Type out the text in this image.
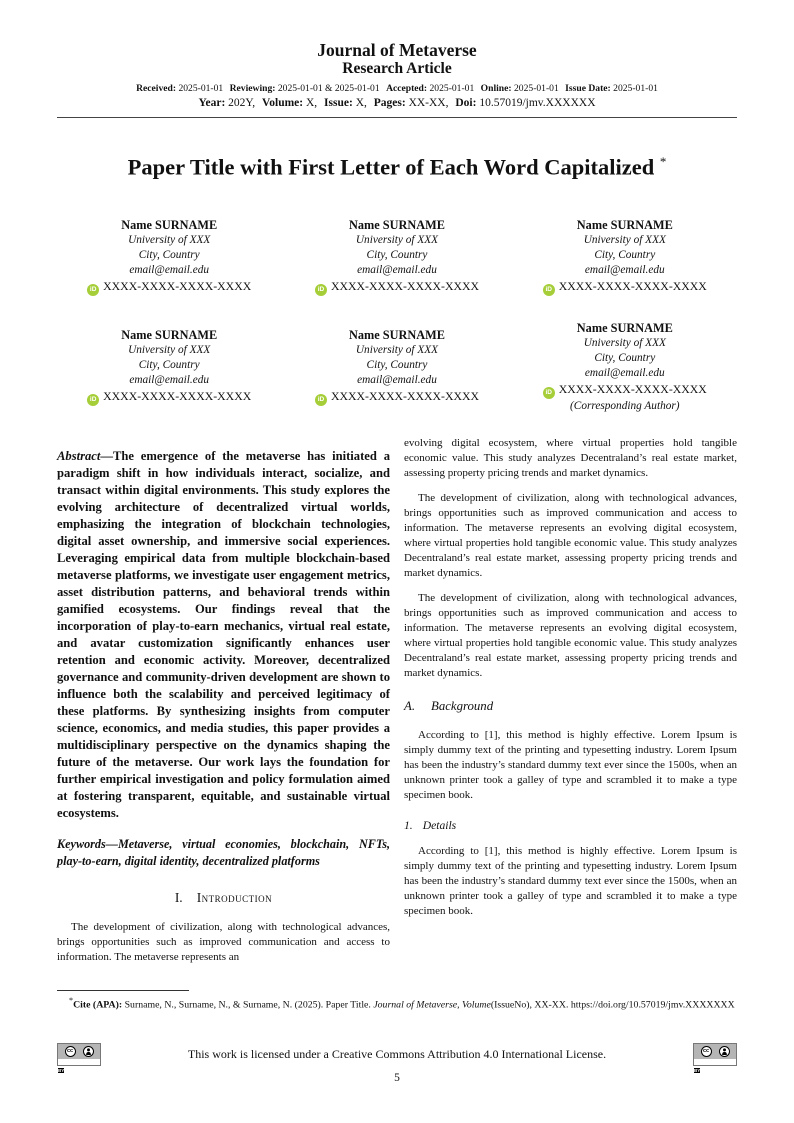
Journal of Metaverse
Research Article
Received: 2025-01-01 Reviewing: 2025-01-01 & 2025-01-01 Accepted: 2025-01-01 Online: 2025-01-01 Issue Date: 2025-01-01
Year: 202Y, Volume: X, Issue: X, Pages: XX-XX, Doi: 10.57019/jmv.XXXXXX
Paper Title with First Letter of Each Word Capitalized *
Name SURNAME
University of XXX
City, Country
email@email.edu
iD XXXX-XXXX-XXXX-XXXX
Name SURNAME
University of XXX
City, Country
email@email.edu
iD XXXX-XXXX-XXXX-XXXX
Name SURNAME
University of XXX
City, Country
email@email.edu
iD XXXX-XXXX-XXXX-XXXX
Name SURNAME
University of XXX
City, Country
email@email.edu
iD XXXX-XXXX-XXXX-XXXX
Name SURNAME
University of XXX
City, Country
email@email.edu
iD XXXX-XXXX-XXXX-XXXX
Name SURNAME
University of XXX
City, Country
email@email.edu
iD XXXX-XXXX-XXXX-XXXX
(Corresponding Author)

Abstract—The emergence of the metaverse has initiated a paradigm shift in how individuals interact, socialize, and transact within digital environments. This study explores the evolving architecture of decentralized virtual worlds, emphasizing the integration of blockchain technologies, digital asset ownership, and immersive social experiences. Leveraging empirical data from multiple blockchain-based metaverse platforms, we investigate user engagement metrics, asset distribution patterns, and behavioral trends within gamified ecosystems. Our findings reveal that the incorporation of play-to-earn mechanics, virtual real estate, and avatar customization significantly enhances user retention and economic activity. Moreover, decentralized governance and community-driven development are shown to influence both the scalability and perceived legitimacy of these platforms. By synthesizing insights from computer science, economics, and media studies, this paper provides a multidisciplinary perspective on the dynamics shaping the future of the metaverse. Our work lays the foundation for further empirical investigation and policy formulation aimed at fostering transparent, equitable, and sustainable virtual ecosystems.

Keywords—Metaverse, virtual economies, blockchain, NFTs, play-to-earn, digital identity, decentralized platforms

I. Introduction

The development of civilization, along with technological advances, brings opportunities such as improved communication and access to information. The metaverse represents an

evolving digital ecosystem, where virtual properties hold tangible economic value. This study analyzes Decentraland’s real estate market, assessing property pricing trends and market dynamics.

The development of civilization, along with technological advances, brings opportunities such as improved communication and access to information. The metaverse represents an evolving digital ecosystem, where virtual properties hold tangible economic value. This study analyzes Decentraland’s real estate market, assessing property pricing trends and market dynamics.

The development of civilization, along with technological advances, brings opportunities such as improved communication and access to information. The metaverse represents an evolving digital ecosystem, where virtual properties hold tangible economic value. This study analyzes Decentraland’s real estate market, assessing property pricing trends and market dynamics.

A. Background

According to [1], this method is highly effective. Lorem Ipsum is simply dummy text of the printing and typesetting industry. Lorem Ipsum has been the industry’s standard dummy text ever since the 1500s, when an unknown printer took a galley of type and scrambled it to make a type specimen book.

1. Details

According to [1], this method is highly effective. Lorem Ipsum is simply dummy text of the printing and typesetting industry. Lorem Ipsum has been the industry’s standard dummy text ever since the 1500s, when an unknown printer took a galley of type and scrambled it to make a type specimen book.

*Cite (APA): Surname, N., Surname, N., & Surname, N. (2025). Paper Title. Journal of Metaverse, Volume(IssueNo), XX-XX. https://doi.org/10.57019/jmv.XXXXXXX
cc
BY
This work is licensed under a Creative Commons Attribution 4.0 International License.	cc
BY
5
